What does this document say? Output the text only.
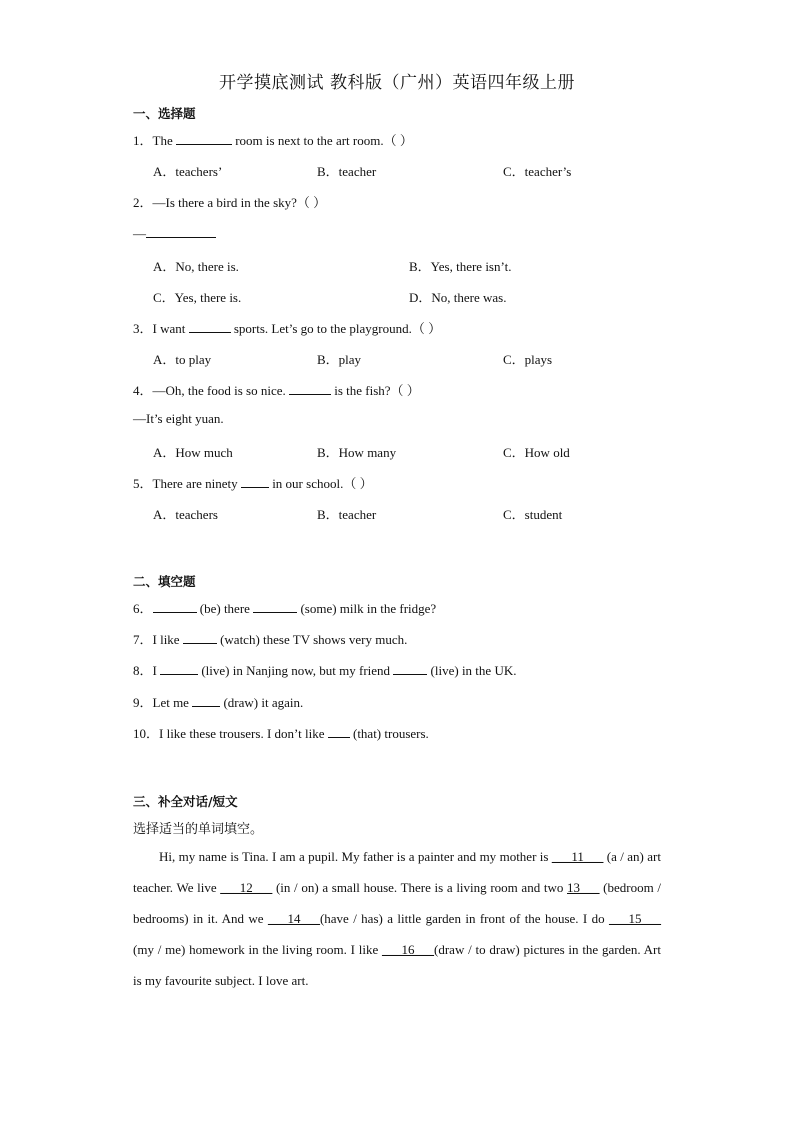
开学摸底测试 教科版（广州）英语四年级上册
一、选择题
1．The	room is next to the art room.（ ）
A．teachers’	B．teacher	C．teacher’s
2．—Is there a bird in the sky?（ ）
—
A．No, there is.	B．Yes, there isn’t.
C．Yes, there is.	D．No, there was.
3．I want	sports. Let’s go to the playground.（ ）
A．to play	B．play	C．plays
4．—Oh, the food is so nice.	is the fish?（ ）
—It’s eight yuan.
A．How much	B．How many	C．How old
5．There are ninety  in our school.（ ）
A．teachers	B．teacher	C．student
二、填空题
6．	(be) there	(some) milk in the fridge?
7．I like	(watch) these TV shows very much.
8．I	(live) in Nanjing now, but my friend	(live) in the UK.
9．Let me  (draw) it again.
10．I like these trousers. I don’t like  (that) trousers.
三、补全对话/短文
选择适当的单词填空。
Hi, my name is Tina. I am a pupil. My father is a painter and my mother is ___11___ (a / an) art teacher. We live ___12___ (in / on) a small house. There is a living room and two 13___ (bedroom / bedrooms) in it. And we ___14___(have / has) a little garden in front of the house. I do ___15___ (my / me) homework in the living room. I like ___16___(draw / to draw) pictures in the garden. Art is my favourite subject. I love art.
